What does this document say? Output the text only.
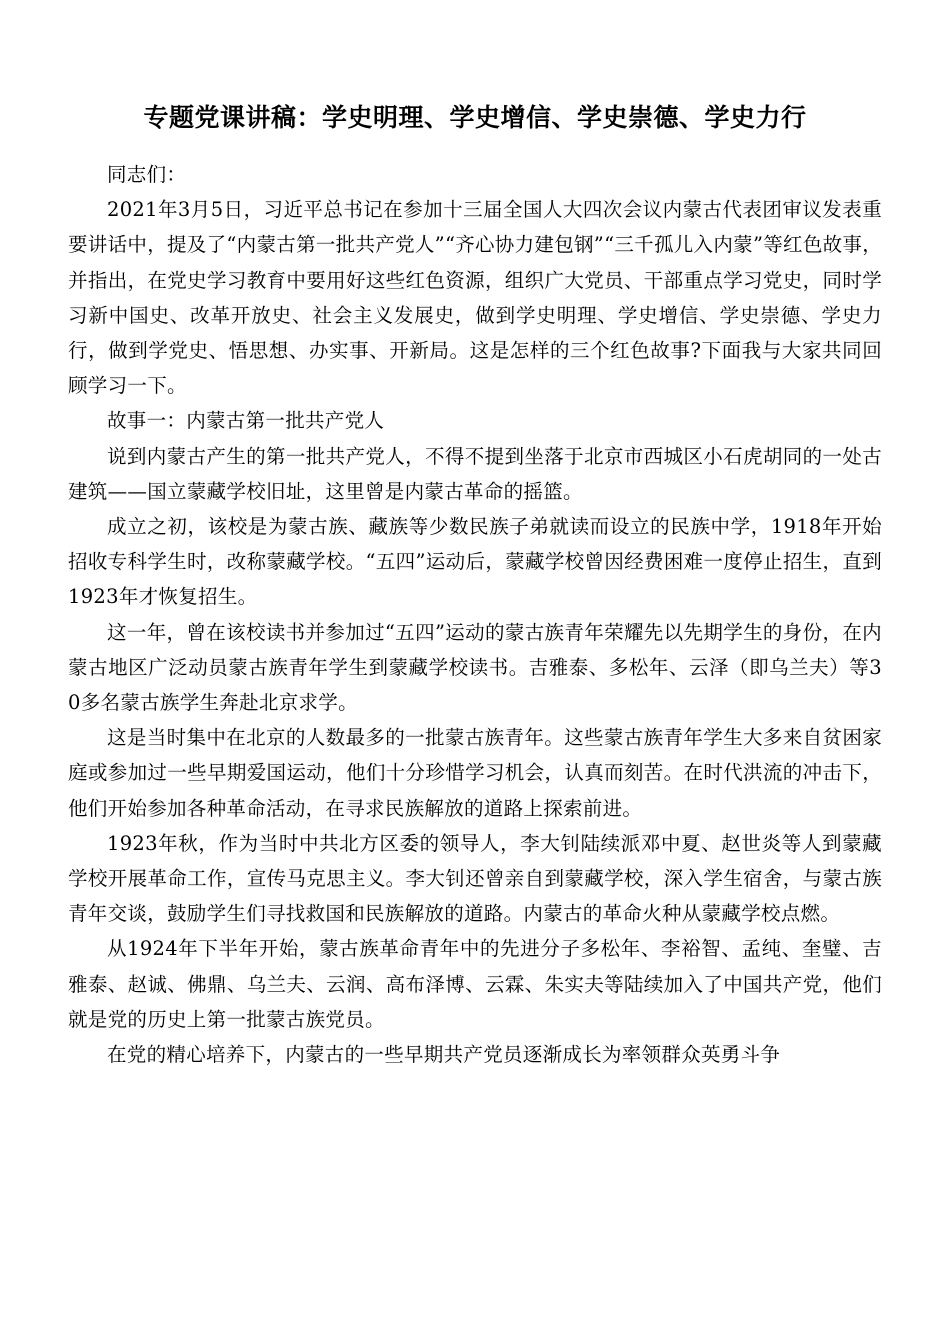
专题党课讲稿：学史明理、学史增信、学史崇德、学史力行

同志们：

2021年3月5日，习近平总书记在参加十三届全国人大四次会议内蒙古代表团审议发表重要讲话中，提及了“内蒙古第一批共产党人”“齐心协力建包钢”“三千孤儿入内蒙”等红色故事，并指出，在党史学习教育中要用好这些红色资源，组织广大党员、干部重点学习党史，同时学习新中国史、改革开放史、社会主义发展史，做到学史明理、学史增信、学史崇德、学史力行，做到学党史、悟思想、办实事、开新局。这是怎样的三个红色故事?下面我与大家共同回顾学习一下。

故事一：内蒙古第一批共产党人

说到内蒙古产生的第一批共产党人，不得不提到坐落于北京市西城区小石虎胡同的一处古建筑——国立蒙藏学校旧址，这里曾是内蒙古革命的摇篮。

成立之初，该校是为蒙古族、藏族等少数民族子弟就读而设立的民族中学，1918年开始招收专科学生时，改称蒙藏学校。“五四”运动后，蒙藏学校曾因经费困难一度停止招生，直到1923年才恢复招生。

这一年，曾在该校读书并参加过“五四”运动的蒙古族青年荣耀先以先期学生的身份，在内蒙古地区广泛动员蒙古族青年学生到蒙藏学校读书。吉雅泰、多松年、云泽（即乌兰夫）等30多名蒙古族学生奔赴北京求学。

这是当时集中在北京的人数最多的一批蒙古族青年。这些蒙古族青年学生大多来自贫困家庭或参加过一些早期爱国运动，他们十分珍惜学习机会，认真而刻苦。在时代洪流的冲击下，他们开始参加各种革命活动，在寻求民族解放的道路上探索前进。

1923年秋，作为当时中共北方区委的领导人，李大钊陆续派邓中夏、赵世炎等人到蒙藏学校开展革命工作，宣传马克思主义。李大钊还曾亲自到蒙藏学校，深入学生宿舍，与蒙古族青年交谈，鼓励学生们寻找救国和民族解放的道路。内蒙古的革命火种从蒙藏学校点燃。

从1924年下半年开始，蒙古族革命青年中的先进分子多松年、李裕智、孟纯、奎璧、吉雅泰、赵诚、佛鼎、乌兰夫、云润、高布泽博、云霖、朱实夫等陆续加入了中国共产党，他们就是党的历史上第一批蒙古族党员。

在党的精心培养下，内蒙古的一些早期共产党员逐渐成长为率领群众英勇斗争
